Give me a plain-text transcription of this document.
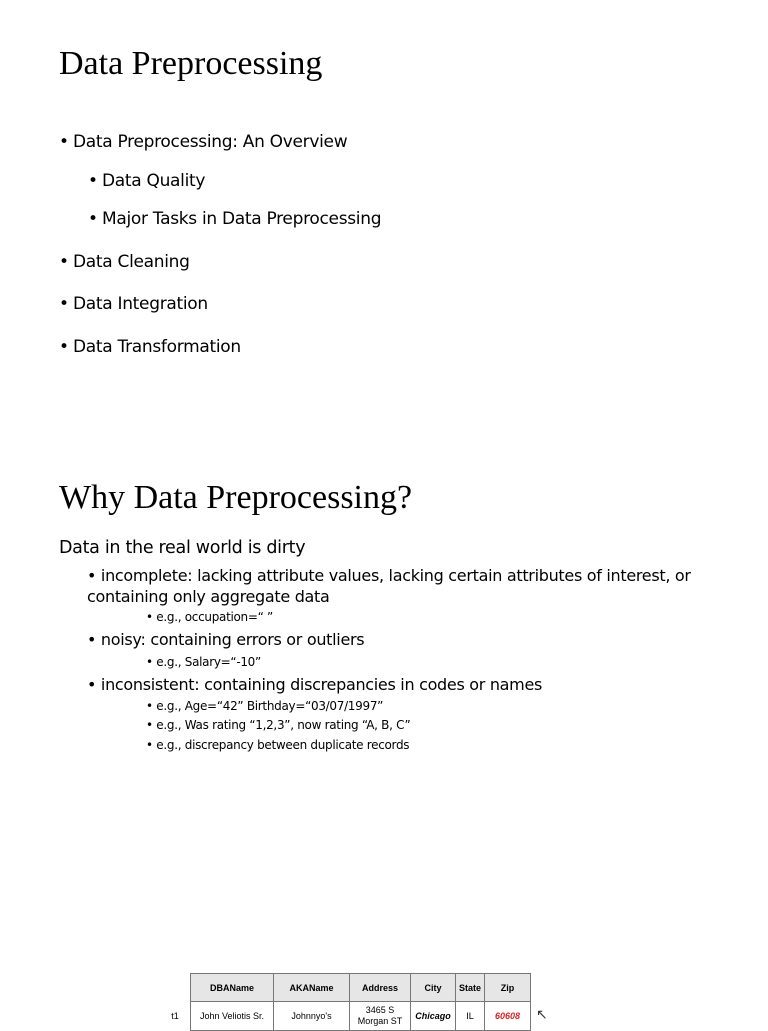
Data Preprocessing

• Data Preprocessing: An Overview

• Data Quality

• Major Tasks in Data Preprocessing

• Data Cleaning

• Data Integration

• Data Transformation

Why Data Preprocessing?
Data in the real world is dirty
• incomplete: lacking attribute values, lacking certain attributes of interest, or containing only aggregate data
• e.g., occupation=“ ”
• noisy: containing errors or outliers
• e.g., Salary=“-10”
• inconsistent: containing discrepancies in codes or names
• e.g., Age=“42” Birthday=“03/07/1997”
• e.g., Was rating “1,2,3”, now rating “A, B, C”
• e.g., discrepancy between duplicate records
	DBAName	AKAName	Address	City	State	Zip
t1	John Veliotis Sr.	Johnnyo's	3465 S Morgan ST	Chicago	IL	60608 ↖
